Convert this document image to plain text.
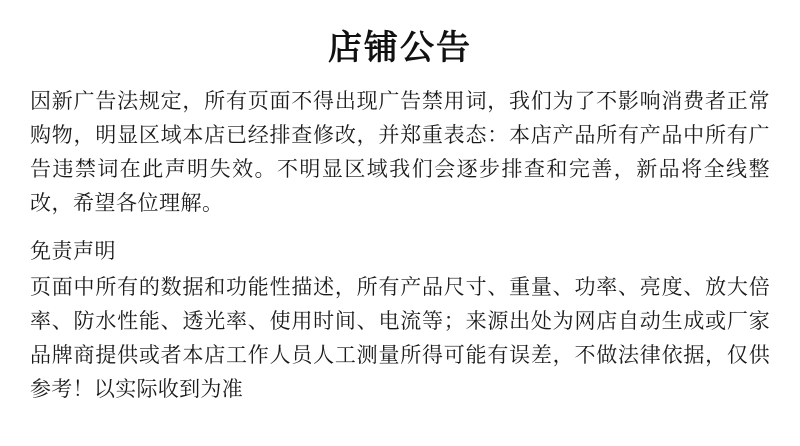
店铺公告
因新广告法规定，所有页面不得出现广告禁用词，我们为了不影响消费者正常购物，明显区域本店已经排查修改，并郑重表态：本店产品所有产品中所有广告违禁词在此声明失效。不明显区域我们会逐步排查和完善，新品将全线整改，希望各位理解。
免责声明
页面中所有的数据和功能性描述，所有产品尺寸、重量、功率、亮度、放大倍率、防水性能、透光率、使用时间、电流等；来源出处为网店自动生成或厂家品牌商提供或者本店工作人员人工测量所得可能有误差，不做法律依据，仅供参考！以实际收到为准
